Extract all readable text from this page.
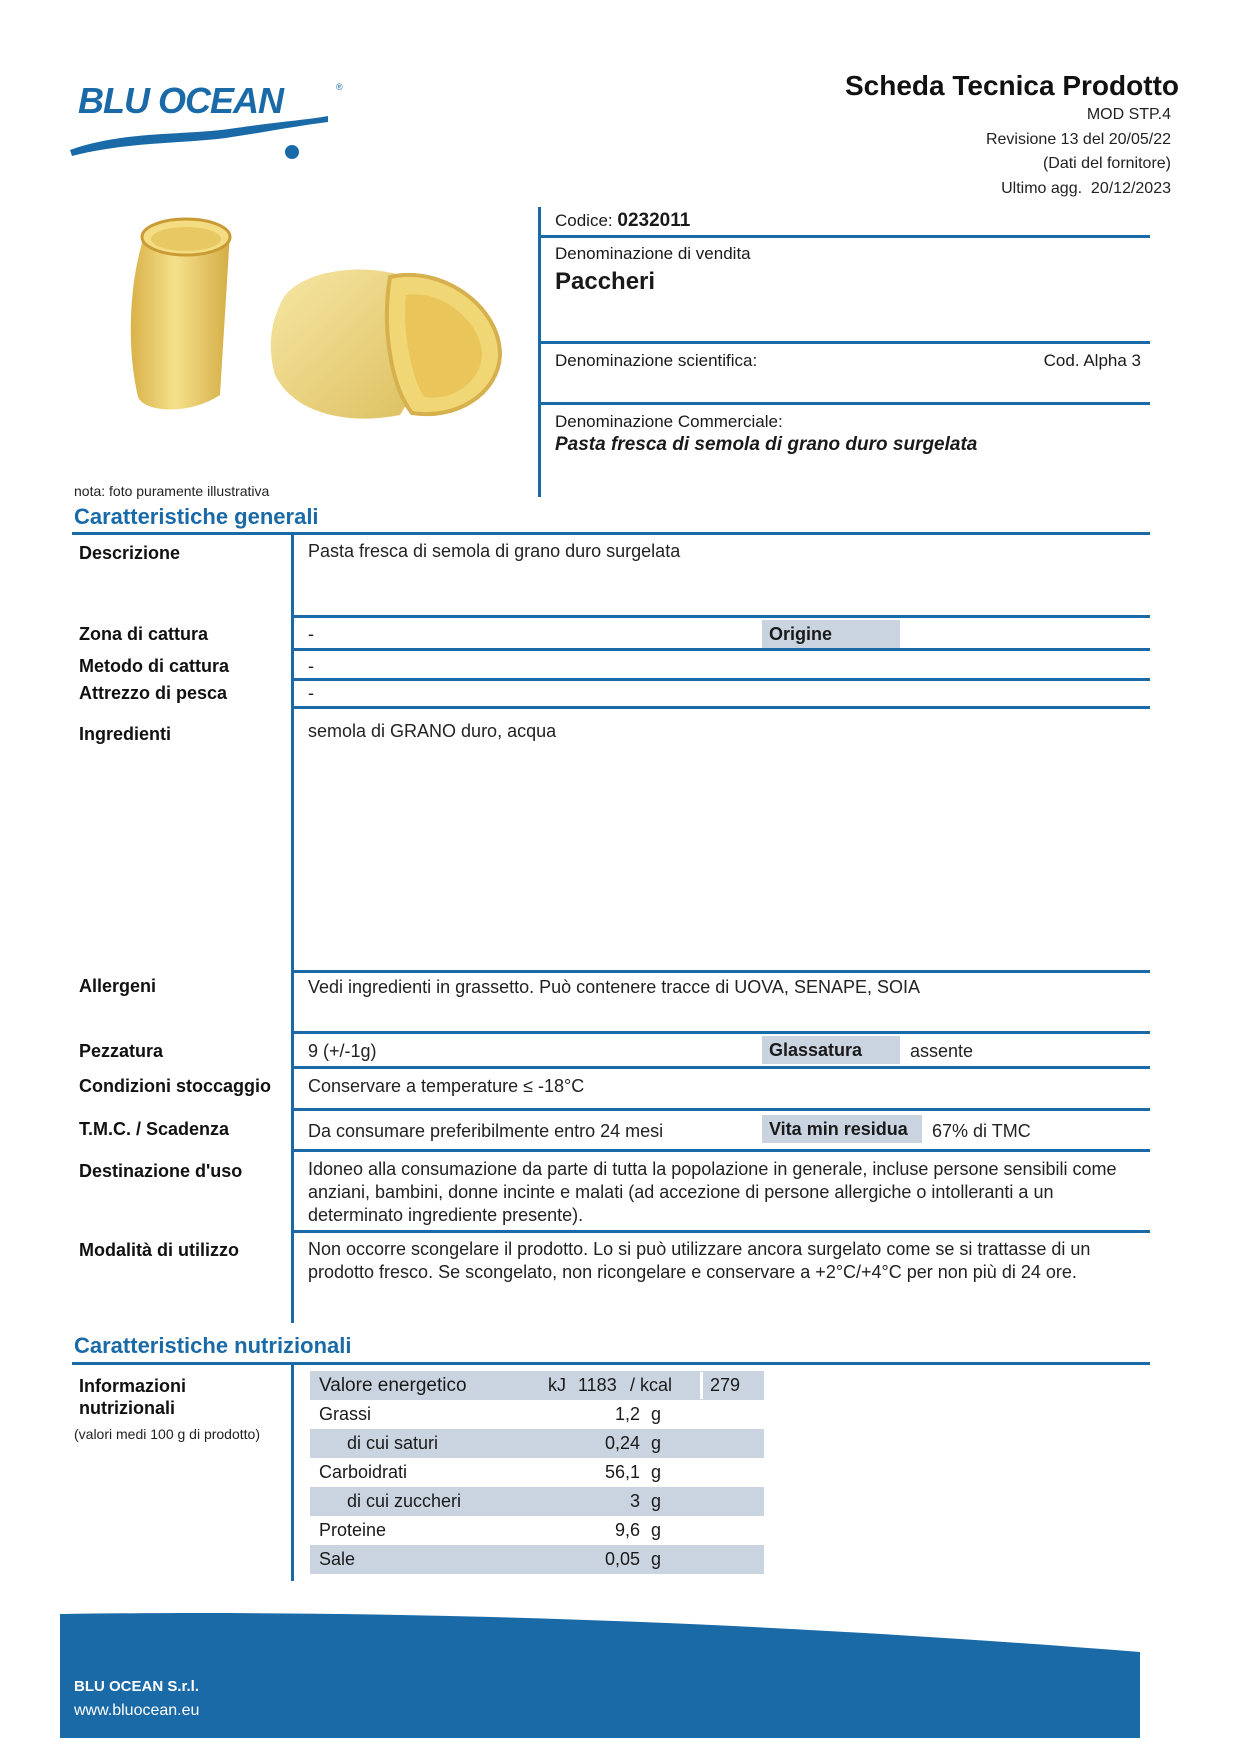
BLU OCEAN	®	Scheda Tecnica Prodotto
MOD STP.4
Revisione 13 del 20/05/22
(Dati del fornitore)
Ultimo agg. 20/12/2023
nota: foto puramente illustrativa
Codice: 0232011
Denominazione di vendita
Paccheri
Denominazione scientifica:	Cod. Alpha 3
Denominazione Commerciale:
Pasta fresca di semola di grano duro surgelata
Caratteristiche generali
Descrizione	Pasta fresca di semola di grano duro surgelata
Zona di cattura	-	Origine
Metodo di cattura	-
Attrezzo di pesca	-
Ingredienti	semola di GRANO duro, acqua
Allergeni	Vedi ingredienti in grassetto. Può contenere tracce di UOVA, SENAPE, SOIA
Pezzatura	9 (+/-1g)	Glassatura	assente
Condizioni stoccaggio Conservare a temperature ≤ -18°C
T.M.C. / Scadenza	Da consumare preferibilmente entro 24 mesi	Vita min residua	67% di TMC
Destinazione d'uso	Idoneo alla consumazione da parte di tutta la popolazione in generale, incluse persone sensibili come anziani, bambini, donne incinte e malati (ad accezione di persone allergiche o intolleranti a un determinato ingrediente presente).
Modalità di utilizzo	Non occorre scongelare il prodotto. Lo si può utilizzare ancora surgelato come se si trattasse di un prodotto fresco. Se scongelato, non ricongelare e conservare a +2°C/+4°C per non più di 24 ore.
Caratteristiche nutrizionali
Informazioni
nutrizionali
(valori medi 100 g di prodotto)
Valore energetico	kJ 1183 / kcal 279
Grassi	1,2 g
di cui saturi	0,24 g
Carboidrati	56,1 g
di cui zuccheri	3 g
Proteine	9,6 g
Sale	0,05 g
BLU OCEAN S.r.l.
www.bluocean.eu
